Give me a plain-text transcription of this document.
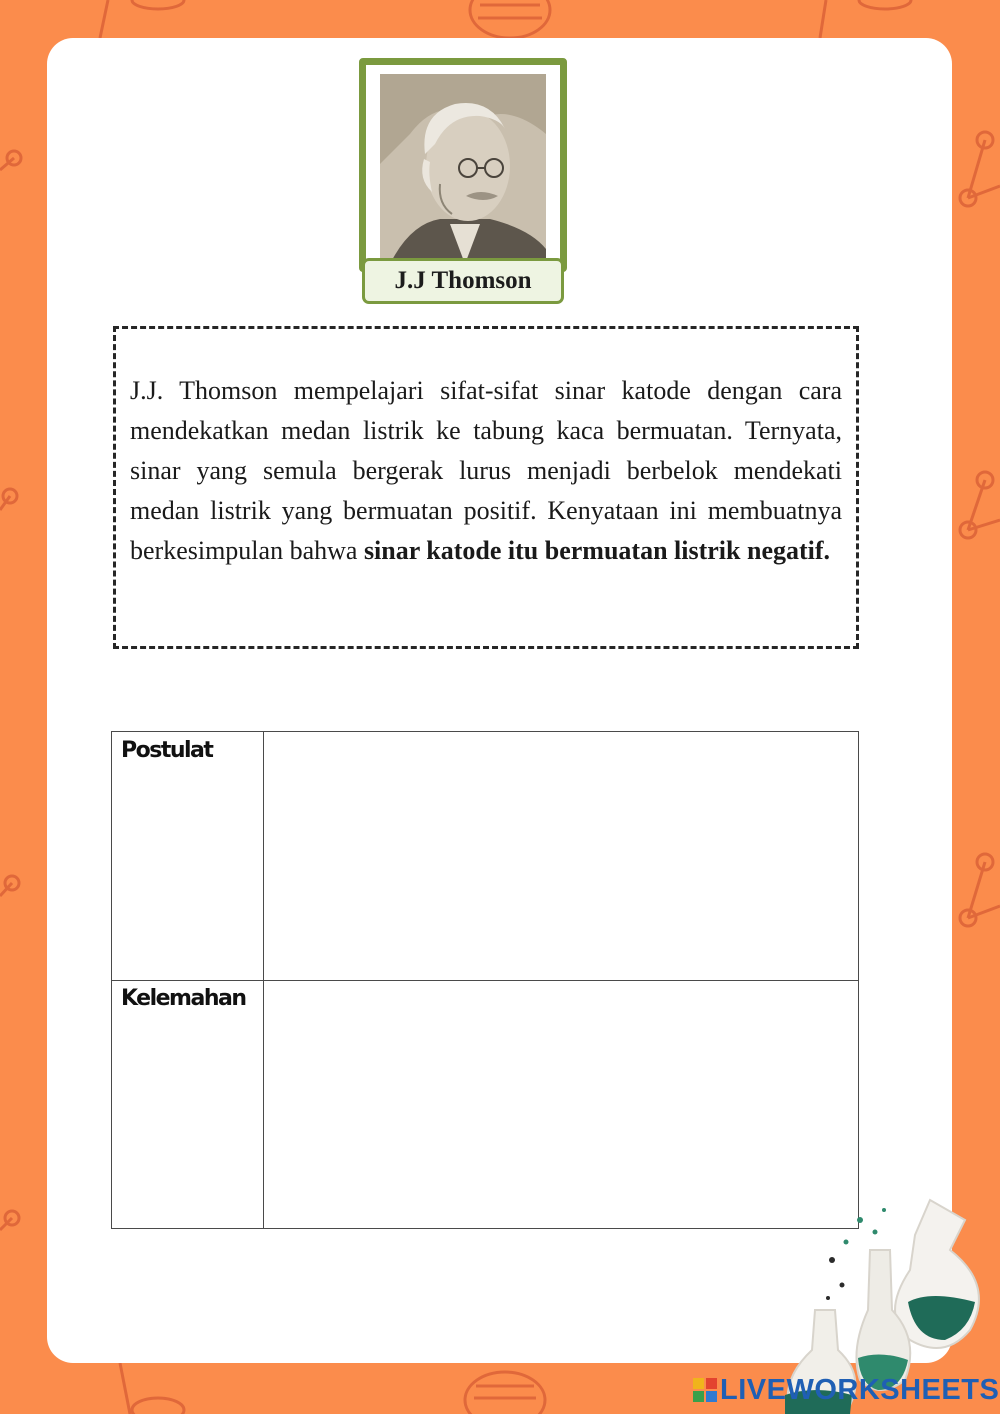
J.J Thomson

J.J. Thomson mempelajari sifat-sifat sinar katode dengan cara mendekatkan medan listrik ke tabung kaca bermuatan. Ternyata, sinar yang semula bergerak lurus menjadi berbelok mendekati medan listrik yang bermuatan positif. Kenyataan ini membuatnya berkesimpulan bahwa sinar katode itu bermuatan listrik negatif.

Postulat
Kelemahan
LIVEWORKSHEETS
